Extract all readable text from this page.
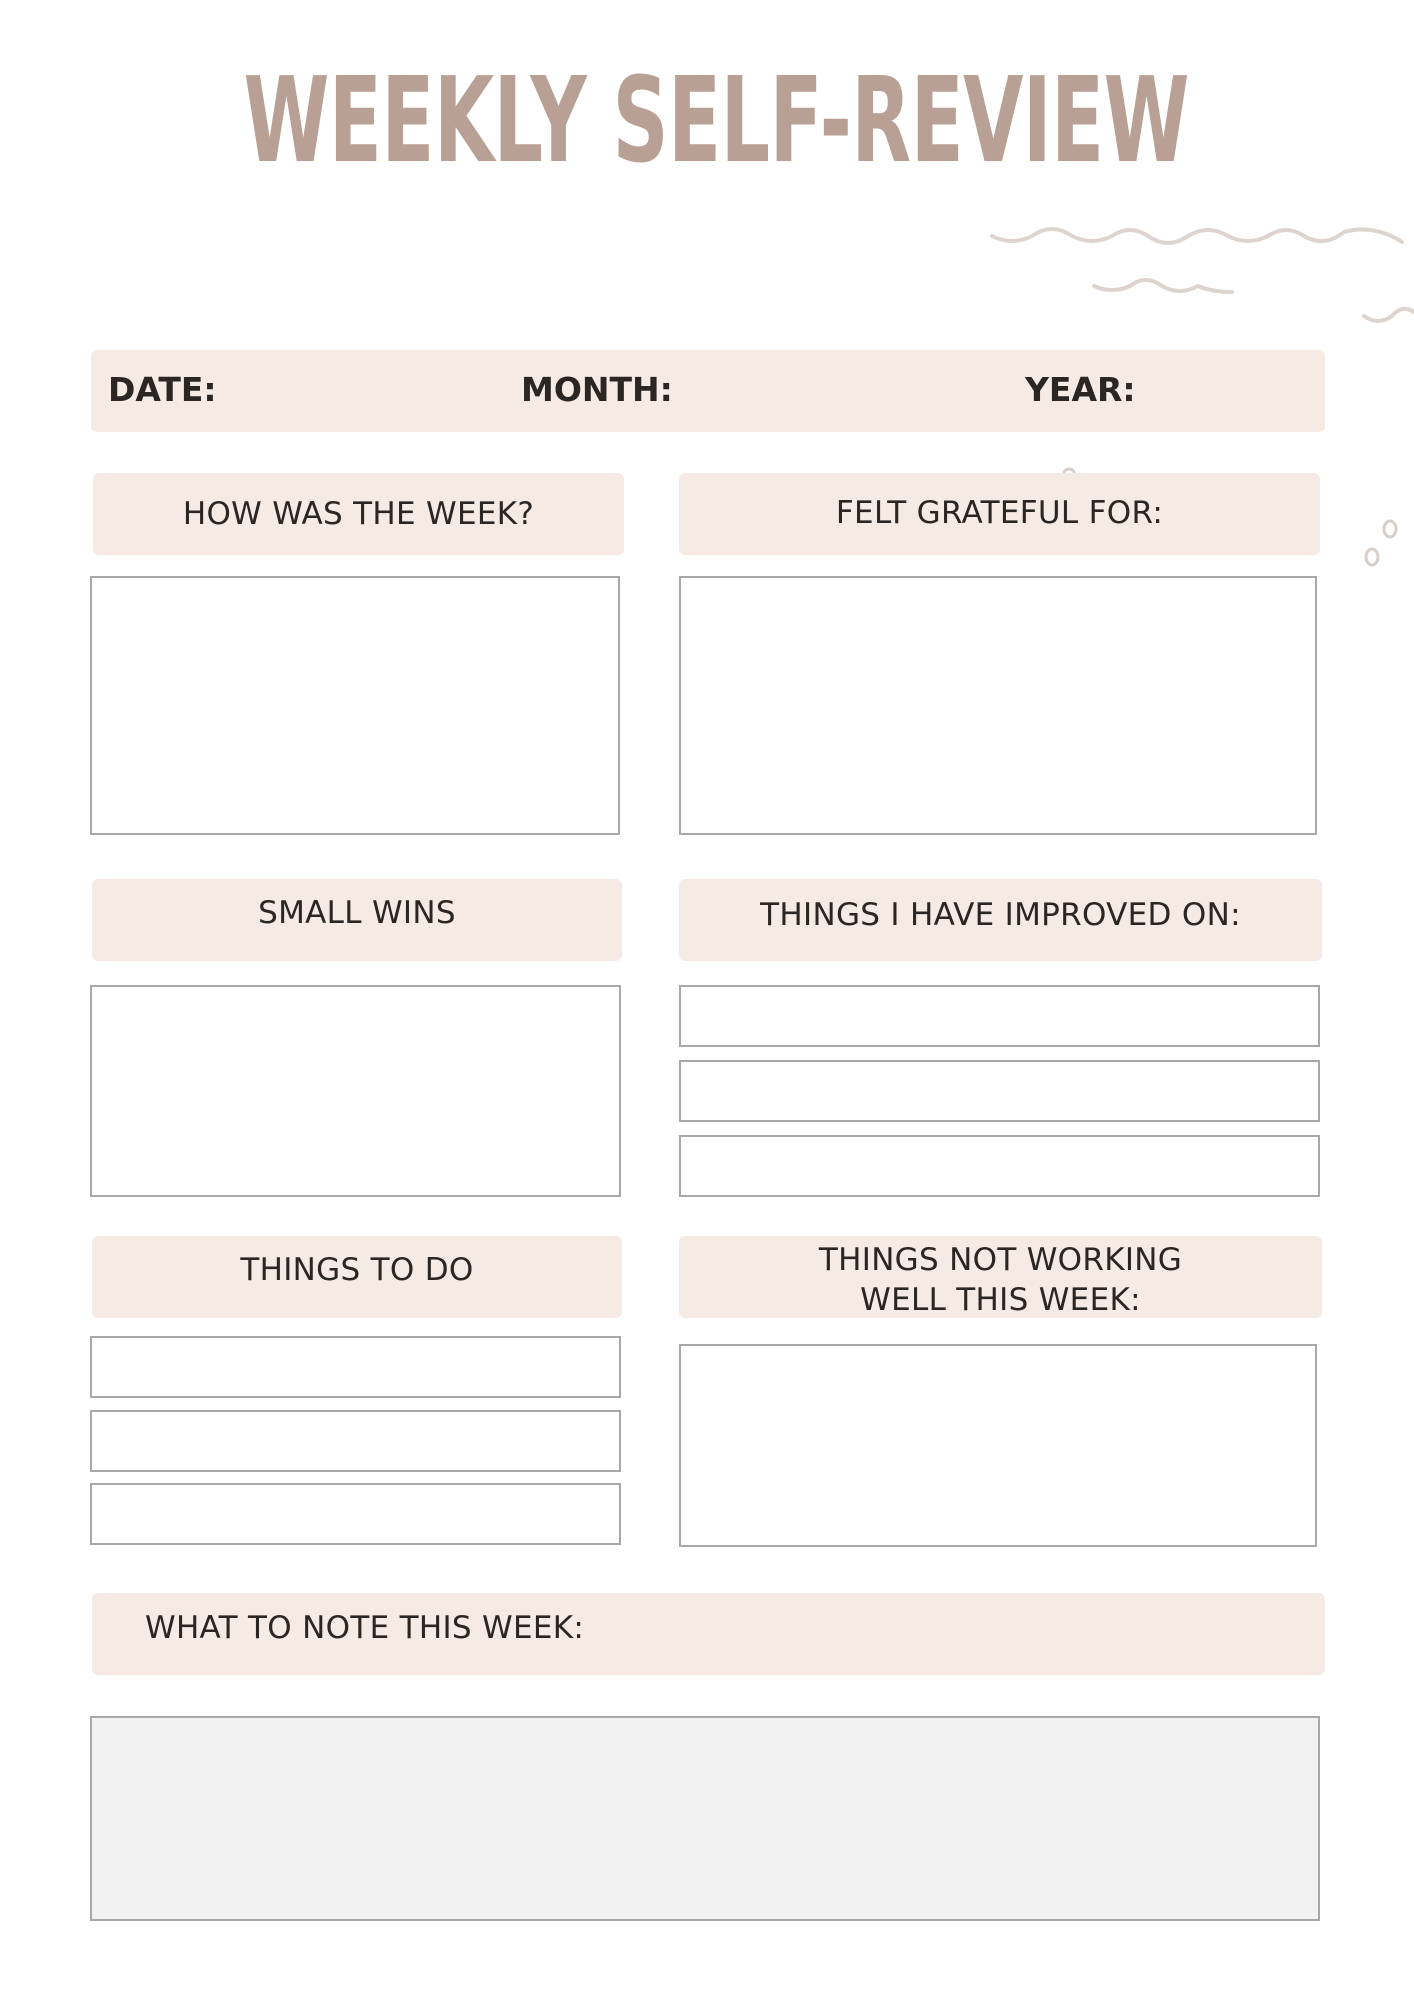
WEEKLY SELF-REVIEW
DATE:	MONTH:	YEAR:
HOW WAS THE WEEK?	FELT GRATEFUL FOR:
SMALL WINS	THINGS I HAVE IMPROVED ON:
THINGS TO DO	THINGS NOT WORKING
WELL THIS WEEK:
WHAT TO NOTE THIS WEEK:
